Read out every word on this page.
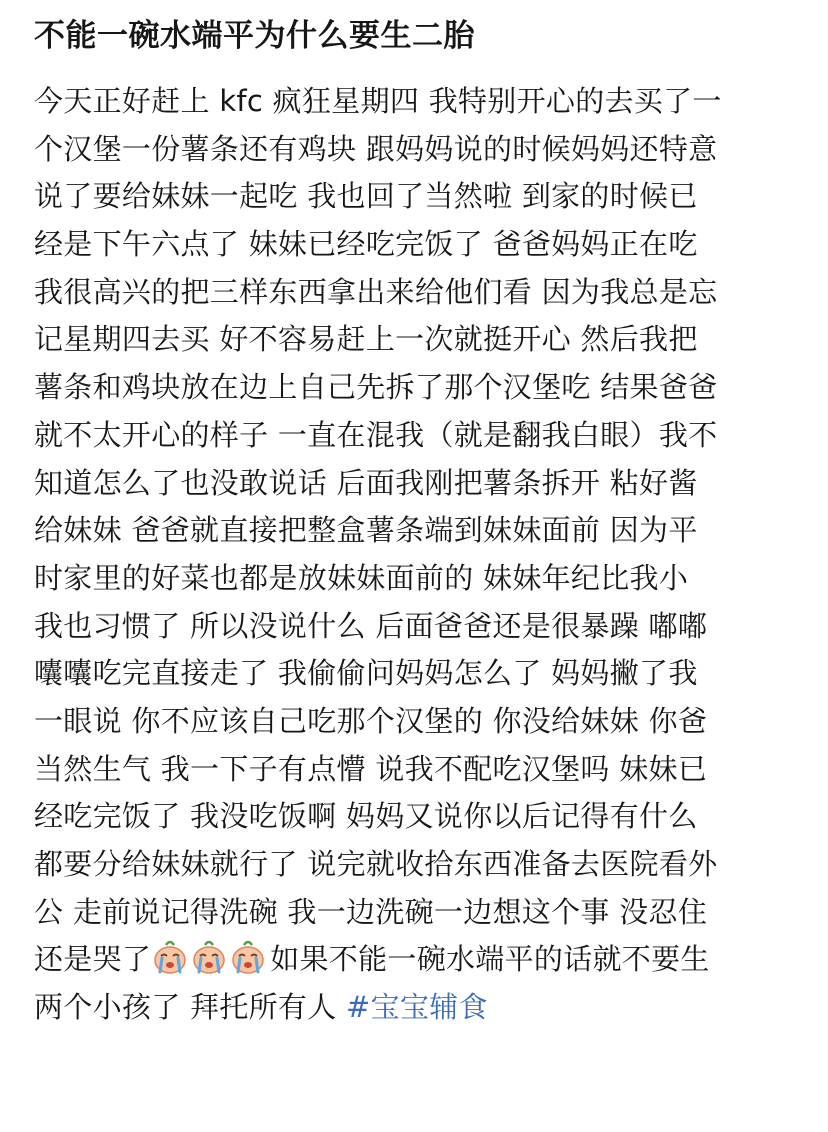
不能一碗水端平为什么要生二胎
今天正好赶上 kfc 疯狂星期四 我特别开心的去买了一
个汉堡一份薯条还有鸡块 跟妈妈说的时候妈妈还特意
说了要给妹妹一起吃 我也回了当然啦 到家的时候已
经是下午六点了 妹妹已经吃完饭了 爸爸妈妈正在吃
我很高兴的把三样东西拿出来给他们看 因为我总是忘
记星期四去买 好不容易赶上一次就挺开心 然后我把
薯条和鸡块放在边上自己先拆了那个汉堡吃 结果爸爸
就不太开心的样子 一直在混我（就是翻我白眼）我不
知道怎么了也没敢说话 后面我刚把薯条拆开 粘好酱
给妹妹 爸爸就直接把整盒薯条端到妹妹面前 因为平
时家里的好菜也都是放妹妹面前的 妹妹年纪比我小
我也习惯了 所以没说什么 后面爸爸还是很暴躁 嘟嘟
囔囔吃完直接走了 我偷偷问妈妈怎么了 妈妈撇了我
一眼说 你不应该自己吃那个汉堡的 你没给妹妹 你爸
当然生气 我一下子有点懵 说我不配吃汉堡吗 妹妹已
经吃完饭了 我没吃饭啊 妈妈又说你以后记得有什么
都要分给妹妹就行了 说完就收拾东西准备去医院看外
公 走前说记得洗碗 我一边洗碗一边想这个事 没忍住
还是哭了	如果不能一碗水端平的话就不要生
两个小孩了 拜托所有人 #宝宝辅食
